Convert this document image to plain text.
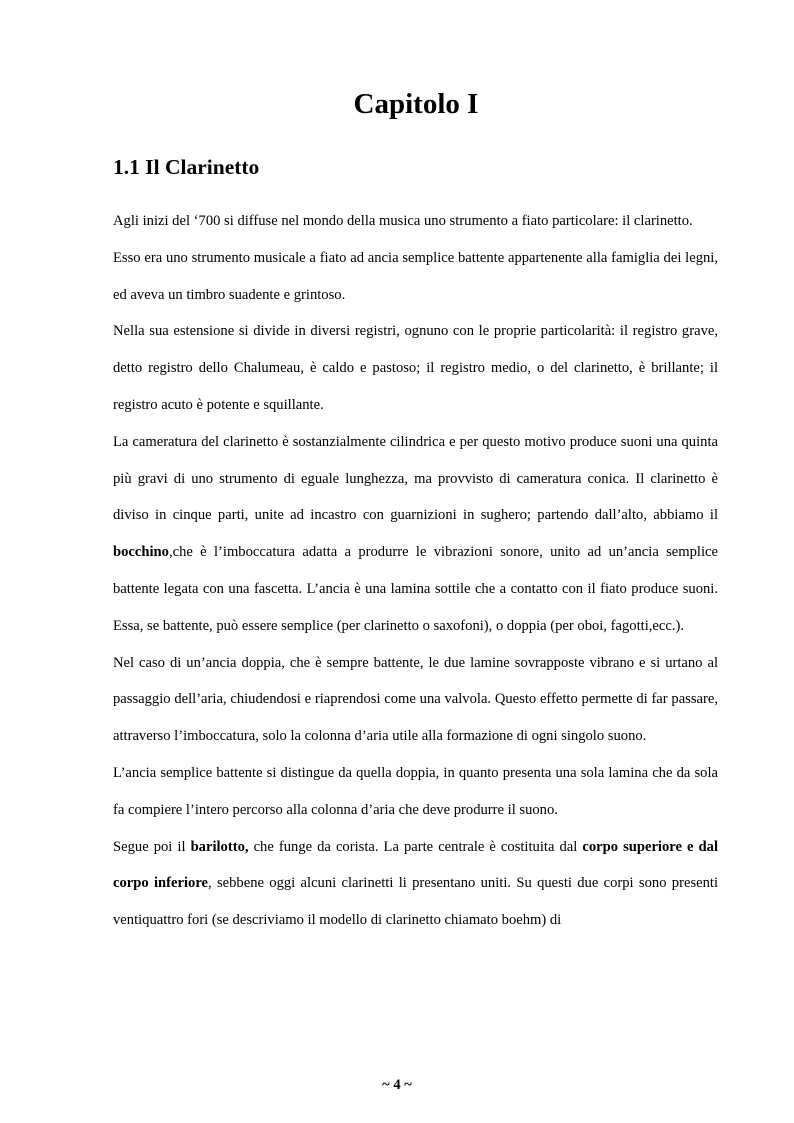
Capitolo I
1.1 Il Clarinetto

Agli inizi del ‘700 si diffuse nel mondo della musica uno strumento a fiato particolare: il clarinetto.

Esso era uno strumento musicale a fiato ad ancia semplice battente appartenente alla famiglia dei legni, ed aveva un timbro suadente e grintoso.

Nella sua estensione si divide in diversi registri, ognuno con le proprie particolarità: il registro grave, detto registro dello Chalumeau, è caldo e pastoso; il registro medio, o del clarinetto, è brillante; il registro acuto è potente e squillante.

La cameratura del clarinetto è sostanzialmente cilindrica e per questo motivo produce suoni una quinta più gravi di uno strumento di eguale lunghezza, ma provvisto di cameratura conica. Il clarinetto è diviso in cinque parti, unite ad incastro con guarnizioni in sughero; partendo dall’alto, abbiamo il bocchino,che è l’imboccatura adatta a produrre le vibrazioni sonore, unito ad un’ancia semplice battente legata con una fascetta. L’ancia è una lamina sottile che a contatto con il fiato produce suoni. Essa, se battente, può essere semplice (per clarinetto o saxofoni), o doppia (per oboi, fagotti,ecc.).

Nel caso di un’ancia doppia, che è sempre battente, le due lamine sovrapposte vibrano e si urtano al passaggio dell’aria, chiudendosi e riaprendosi come una valvola. Questo effetto permette di far passare, attraverso l’imboccatura, solo la colonna d’aria utile alla formazione di ogni singolo suono.

L’ancia semplice battente si distingue da quella doppia, in quanto presenta una sola lamina che da sola fa compiere l’intero percorso alla colonna d’aria che deve produrre il suono.

Segue poi il barilotto, che funge da corista. La parte centrale è costituita dal corpo superiore e dal corpo inferiore, sebbene oggi alcuni clarinetti li presentano uniti. Su questi due corpi sono presenti ventiquattro fori (se descriviamo il modello di clarinetto chiamato boehm) di

~ 4 ~
